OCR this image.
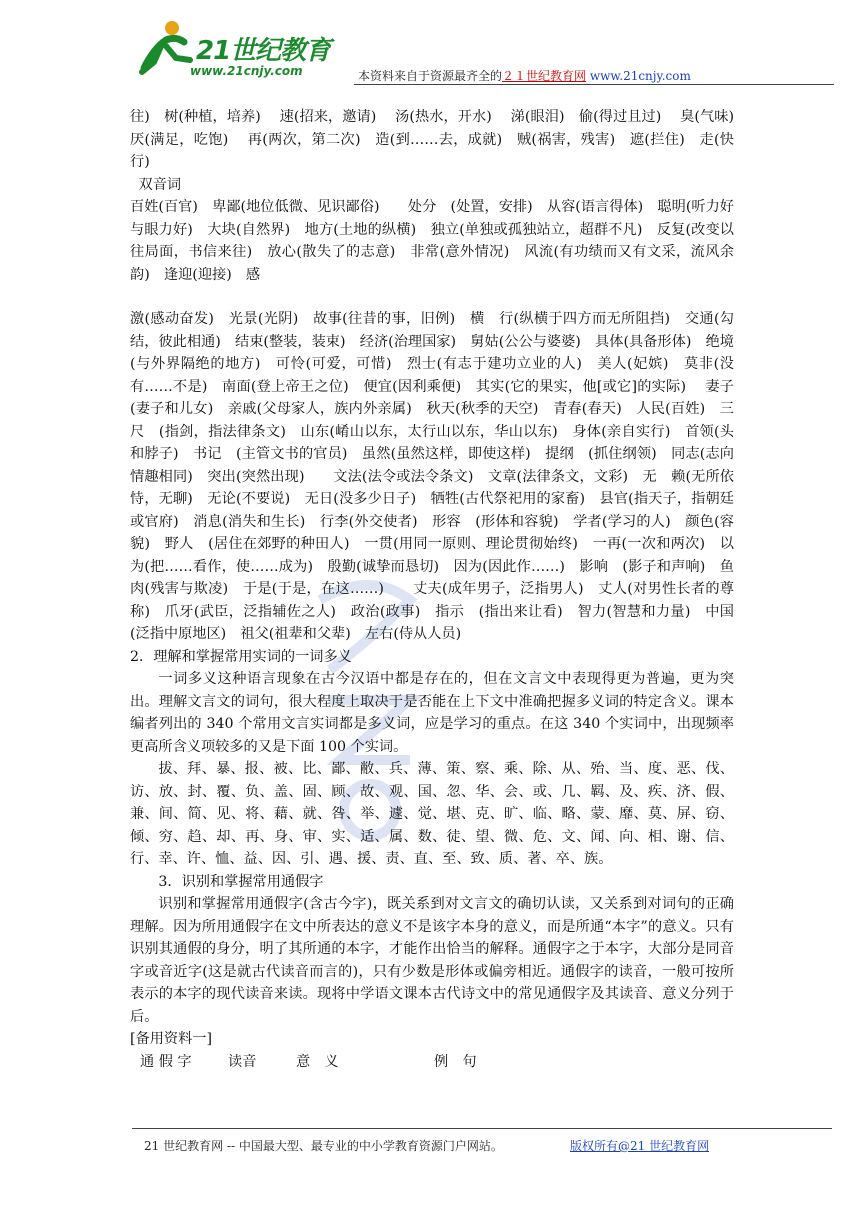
21世纪教育
www.21cnjy.com	本资料来自于资源最齐全的２１世纪教育网 www.21cnjy.com

往)　树(种植，培养)　 速(招来，邀请)　 汤(热水，开水)　 涕(眼泪)　偷(得过且过)　 臭(气味)　厌(满足，吃饱)　 再(两次，第二次)　造(到……去，成就)　贼(祸害，残害)　遮(拦住)　走(快行)

双音词

百姓(百官)　卑鄙(地位低微、见识鄙俗)　　处分　(处置，安排)　从容(语言得体)　聪明(听力好与眼力好)　大块(自然界)　地方(土地的纵横)　独立(单独或孤独站立，超群不凡)　反复(改变以往局面，书信来往)　放心(散失了的志意)　非常(意外情况)　风流(有功绩而又有文采，流风余韵)　逢迎(迎接)　感

激(感动奋发)　光景(光阴)　故事(往昔的事，旧例)　横　行(纵横于四方而无所阻挡)　交通(勾结，彼此相通)　结束(整装，装束)　经济(治理国家)　舅姑(公公与婆婆)　具体(具备形体)　绝境(与外界隔绝的地方)　可怜(可爱，可惜)　烈士(有志于建功立业的人)　美人(妃嫔)　莫非(没有……不是)　南面(登上帝王之位)　便宜(因利乘便)　其实(它的果实，他[或它]的实际)　 妻子(妻子和儿女)　亲戚(父母家人，族内外亲属)　秋天(秋季的天空)　青春(春天)　人民(百姓)　三尺　(指剑，指法律条文)　山东(崤山以东，太行山以东，华山以东)　身体(亲自实行)　首领(头和脖子)　书记　(主管文书的官员)　虽然(虽然这样，即使这样)　提纲　(抓住纲领)　同志(志向情趣相同)　突出(突然出现)　　文法(法令或法令条文)　文章(法律条文，文彩)　无　赖(无所依恃，无聊)　无论(不要说)　无日(没多少日子)　牺牲(古代祭祀用的家畜)　县官(指天子，指朝廷或官府)　消息(消失和生长)　行李(外交使者)　形容　(形体和容貌)　学者(学习的人)　颜色(容貌)　野人　(居住在郊野的种田人)　一贯(用同一原则、理论贯彻始终)　一再(一次和两次)　以为(把……看作，使……成为)　殷勤(诚挚而恳切)　因为(因此作……)　影响　(影子和声响)　鱼肉(残害与欺凌)　于是(于是，在这……)　　丈夫(成年男子，泛指男人)　丈人(对男性长者的尊　称)　爪牙(武臣，泛指辅佐之人)　政治(政事)　指示　(指出来让看)　智力(智慧和力量)　中国(泛指中原地区)　祖父(祖辈和父辈)　左右(侍从人员)

2．理解和掌握常用实词的一词多义

一词多义这种语言现象在古今汉语中都是存在的，但在文言文中表现得更为普遍，更为突出。理解文言文的词句，很大程度上取决于是否能在上下文中准确把握多义词的特定含义。课本编者列出的 340 个常用文言实词都是多义词，应是学习的重点。在这 340 个实词中，出现频率更高所含义项较多的又是下面 100 个实词。

拔、拜、暴、报、被、比、鄙、敝、兵、薄、策、察、乘、除、从、殆、当、度、恶、伐、访、放、封、覆、负、盖、固、顾、故、观、国、忽、华、会、或、几、羁、及、疾、济、假、兼、间、简、见、将、藉、就、咎、举、遽、觉、堪、克、旷、临、略、蒙、靡、莫、屏、窃、倾、穷、趋、却、再、身、审、实、适、属、数、徒、望、微、危、文、闻、向、相、谢、信、行、幸、许、恤、益、因、引、遇、援、责、直、至、致、质、著、卒、族。

3．识别和掌握常用通假字

识别和掌握常用通假字(含古今字)，既关系到对文言文的确切认读，又关系到对词句的正确理解。因为所用通假字在文中所表达的意义不是该字本身的意义，而是所通“本字”的意义。只有识别其通假的身分，明了其所通的本字，才能作出恰当的解释。通假字之于本字，大部分是同音字或音近字(这是就古代读音而言的)，只有少数是形体或偏旁相近。通假字的读音，一般可按所表示的本字的现代读音来读。现将中学语文课本古代诗文中的常见通假字及其读音、意义分列于后。

[备用资料一]

通 假 字	读音	意　义	例　句
21 世纪教育网 -- 中国最大型、最专业的中小学教育资源门户网站。	版权所有@21 世纪教育网
